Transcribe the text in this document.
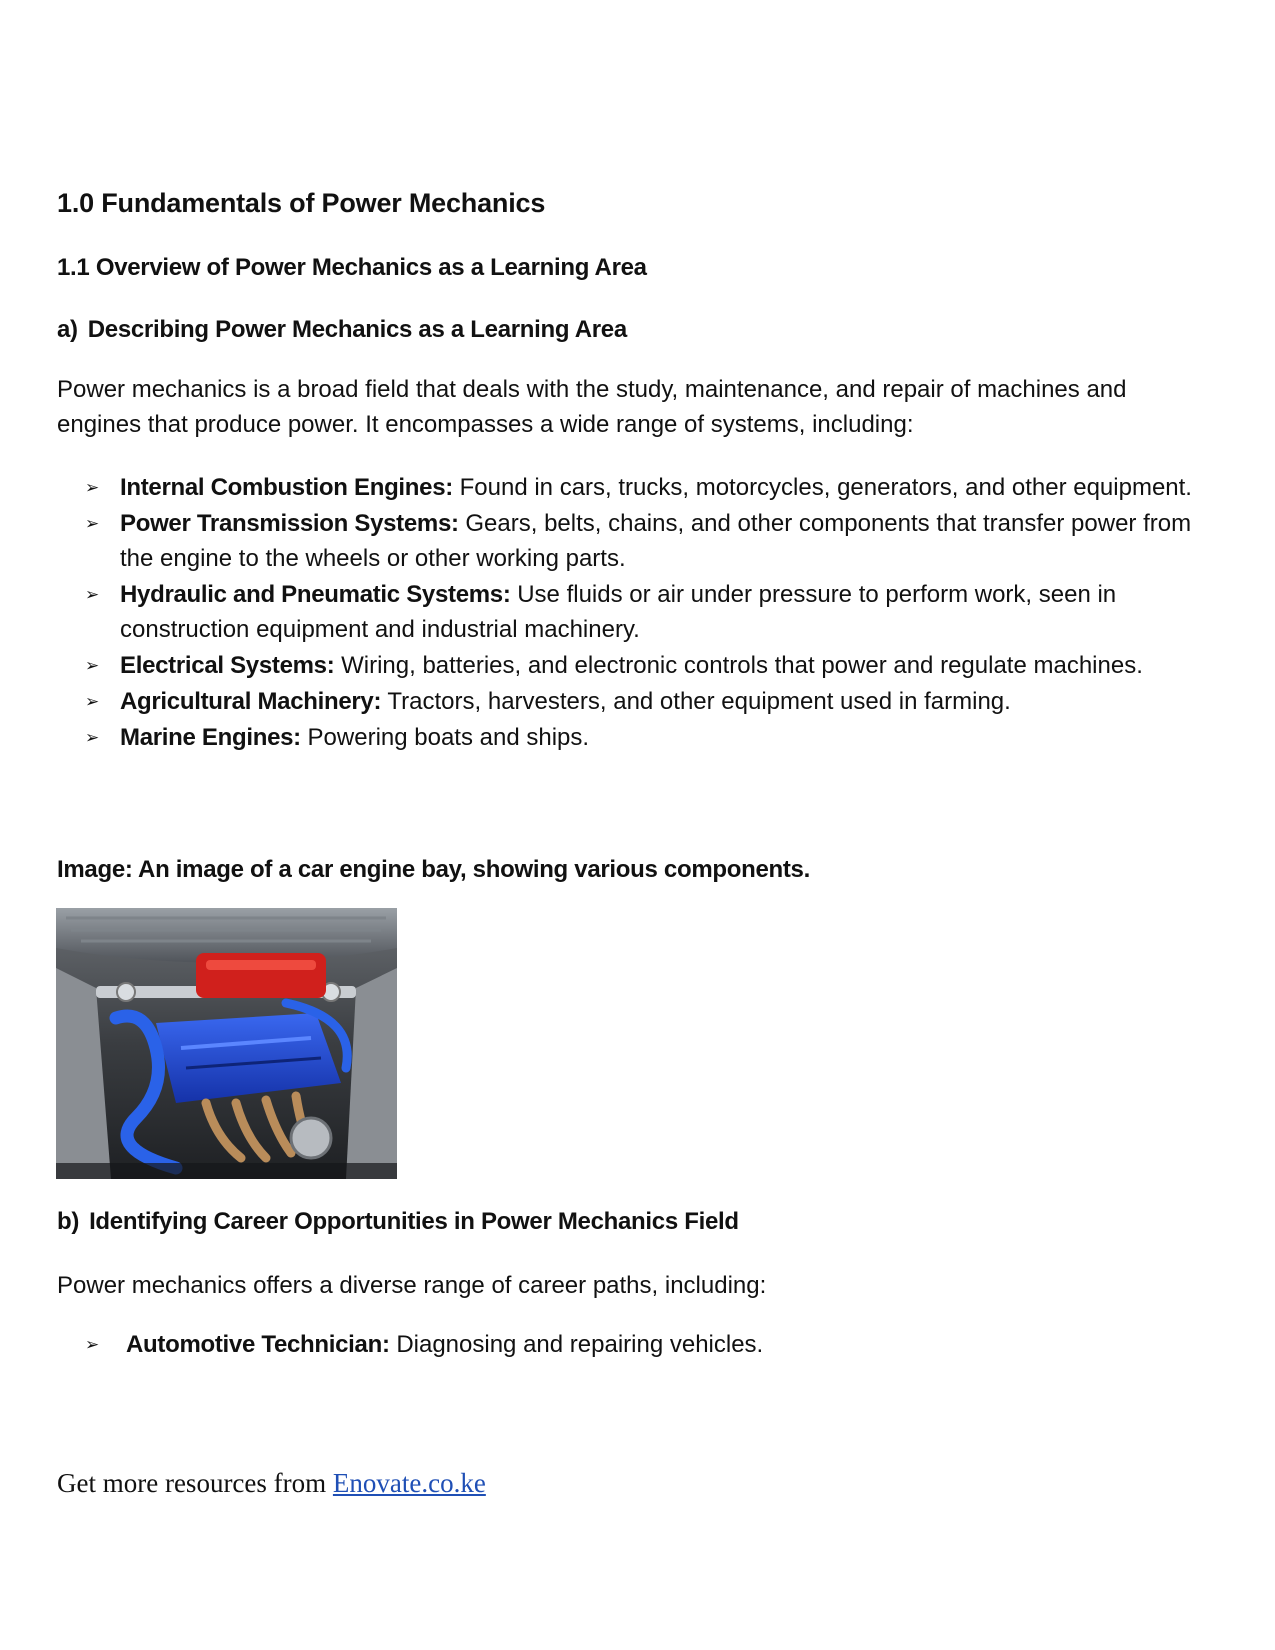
1.0 Fundamentals of Power Mechanics
1.1 Overview of Power Mechanics as a Learning Area
a) Describing Power Mechanics as a Learning Area

Power mechanics is a broad field that deals with the study, maintenance, and repair of machines and engines that produce power. It encompasses a wide range of systems, including:

➢ Internal Combustion Engines: Found in cars, trucks, motorcycles, generators, and other equipment.
➢ Power Transmission Systems: Gears, belts, chains, and other components that transfer power from the engine to the wheels or other working parts.
➢ Hydraulic and Pneumatic Systems: Use fluids or air under pressure to perform work, seen in construction equipment and industrial machinery.
➢ Electrical Systems: Wiring, batteries, and electronic controls that power and regulate machines.
➢ Agricultural Machinery: Tractors, harvesters, and other equipment used in farming.
➢ Marine Engines: Powering boats and ships.

Image: An image of a car engine bay, showing various components.

b) Identifying Career Opportunities in Power Mechanics Field

Power mechanics offers a diverse range of career paths, including:

➢ Automotive Technician: Diagnosing and repairing vehicles.

Get more resources from Enovate.co.ke
